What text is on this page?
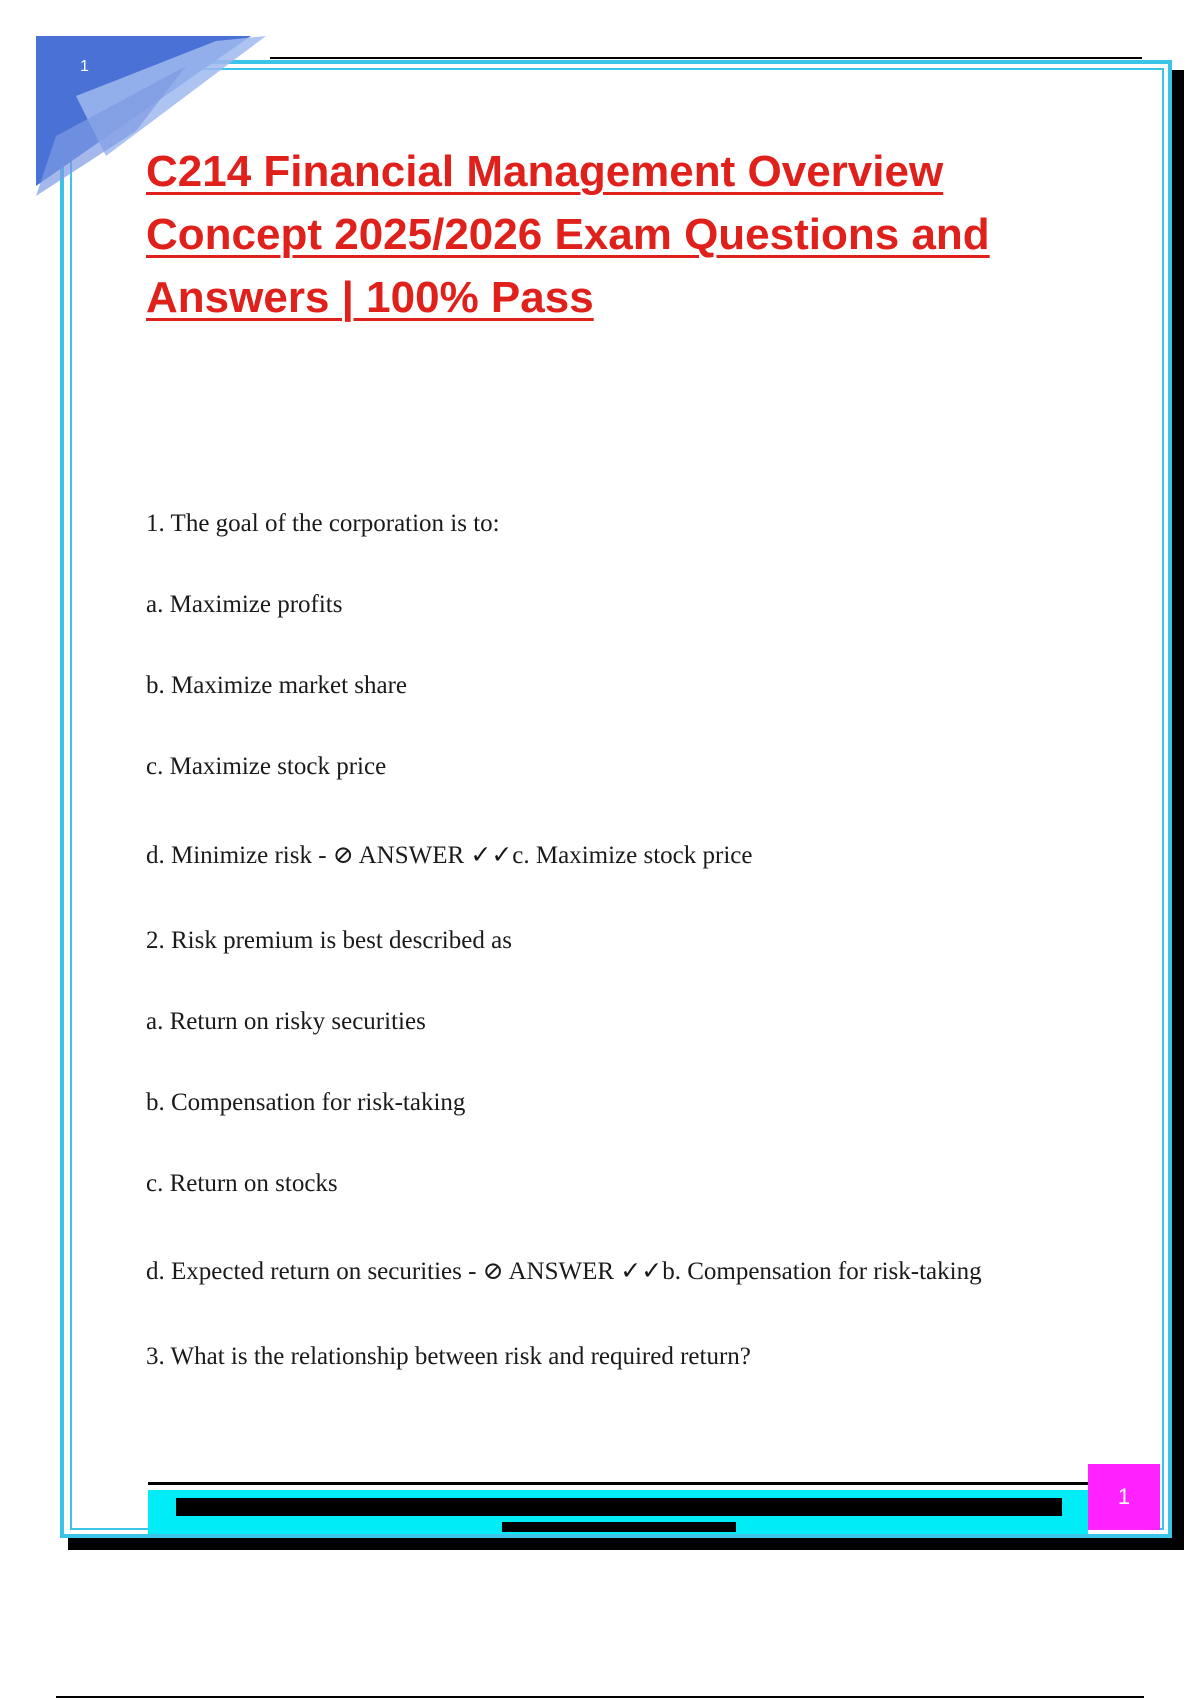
1
C214 Financial Management Overview Concept 2025/2026 Exam Questions and Answers | 100% Pass
1. The goal of the corporation is to:
a. Maximize profits
b. Maximize market share
c. Maximize stock price
d. Minimize risk - ⊘ ANSWER ✓✓c. Maximize stock price
2. Risk premium is best described as
a. Return on risky securities
b. Compensation for risk-taking
c. Return on stocks
d. Expected return on securities - ⊘ ANSWER ✓✓b. Compensation for risk-taking
3. What is the relationship between risk and required return?
1
